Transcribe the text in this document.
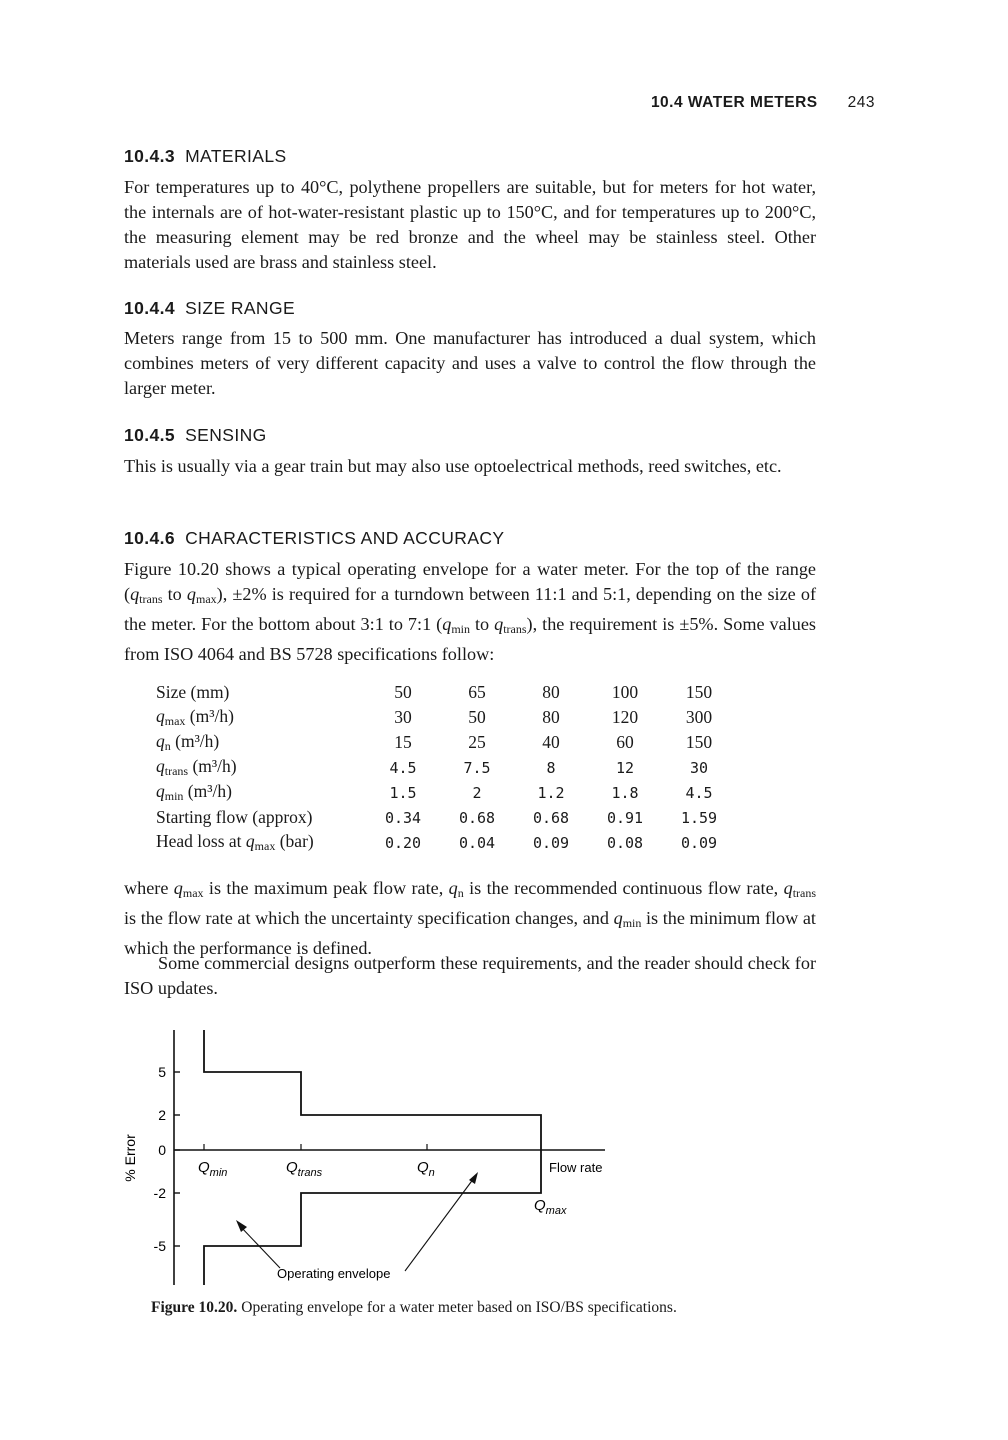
10.4 WATER METERS 243
10.4.3 MATERIALS
For temperatures up to 40°C, polythene propellers are suitable, but for meters for hot water, the internals are of hot-water-resistant plastic up to 150°C, and for temperatures up to 200°C, the measuring element may be red bronze and the wheel may be stainless steel. Other materials used are brass and stainless steel.
10.4.4 SIZE RANGE
Meters range from 15 to 500 mm. One manufacturer has introduced a dual system, which combines meters of very different capacity and uses a valve to control the flow through the larger meter.
10.4.5 SENSING
This is usually via a gear train but may also use optoelectrical methods, reed switches, etc.
10.4.6 CHARACTERISTICS AND ACCURACY
Figure 10.20 shows a typical operating envelope for a water meter. For the top of the range ($q_{trans}$ to $q_{max}$), ±2% is required for a turndown between 11:1 and 5:1, depending on the size of the meter. For the bottom about 3:1 to 7:1 ($q_{min}$ to $q_{trans}$), the requirement is ±5%. Some values from ISO 4064 and BS 5728 specifications follow:
Size (mm)	50	65	80	100	150
$q_{max}$ (m³/h)	30	50	80	120	300
$q_n$ (m³/h)	15	25	40	60	150
$q_{trans}$ (m³/h)	4.5	7.5	8	12	30
$q_{min}$ (m³/h)	1.5	2	1.2	1.8	4.5
Starting flow (approx)	0.34	0.68	0.68	0.91	1.59
Head loss at $q_{max}$ (bar)	0.20	0.04	0.09	0.08	0.09
where $q_{max}$ is the maximum peak flow rate, $q_n$ is the recommended continuous flow rate, $q_{trans}$ is the flow rate at which the uncertainty specification changes, and $q_{min}$ is the minimum flow at which the performance is defined.
Some commercial designs outperform these requirements, and the reader should check for ISO updates.
5
2
0
-2
-5
% Error	$Q_{min}$	$Q_{trans}$	$Q_n$	Flow rate
$Q_{max}$
Operating envelope
Figure 10.20. Operating envelope for a water meter based on ISO/BS specifications.
